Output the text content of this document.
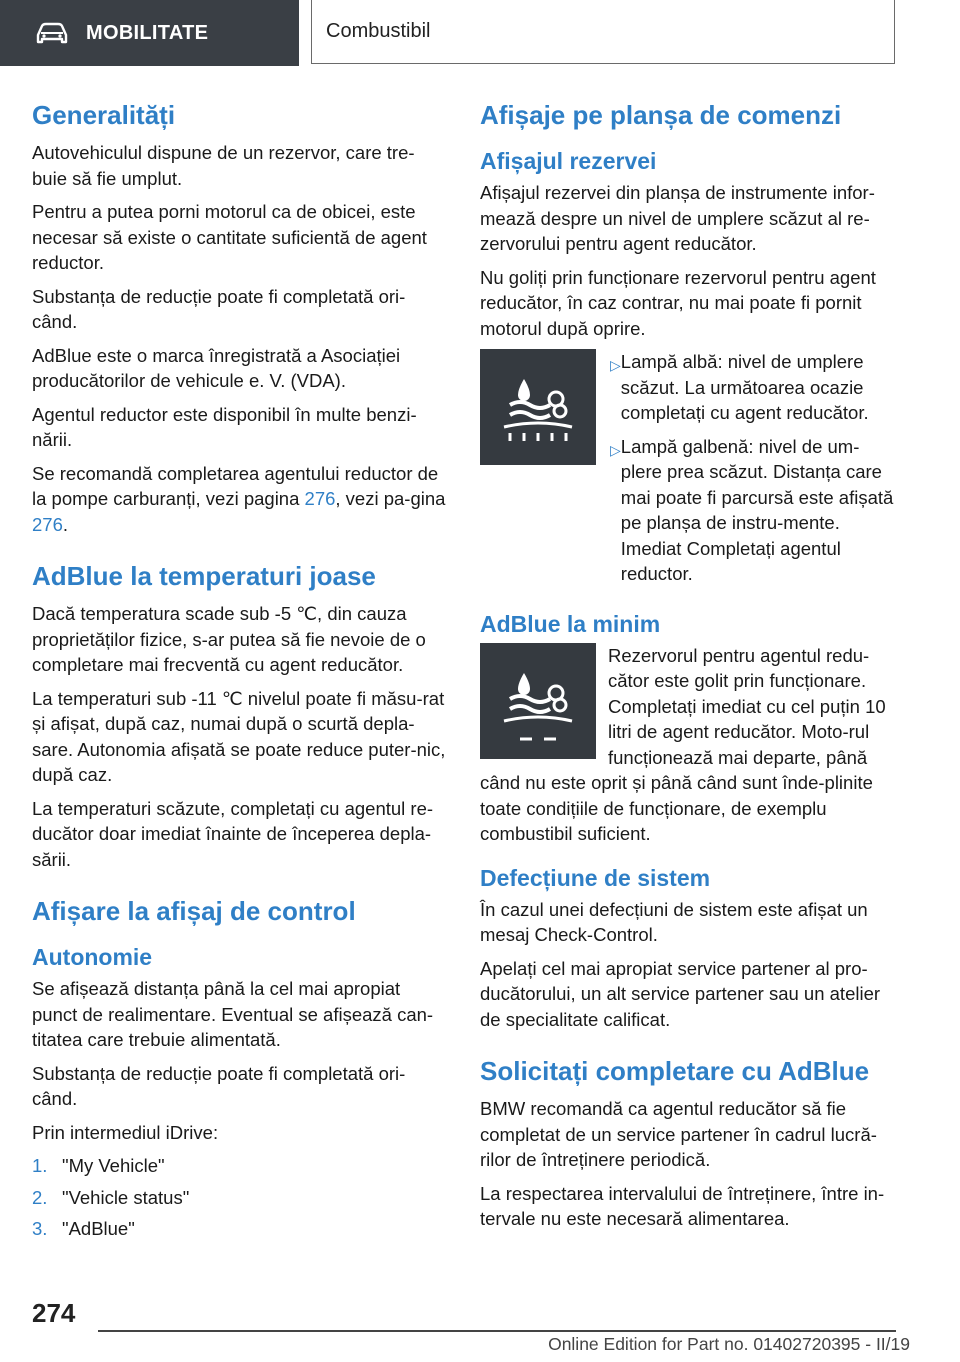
MOBILITATE	Combustibil
Generalități

Autovehiculul dispune de un rezervor, care tre-buie să fie umplut.

Pentru a putea porni motorul ca de obicei, este necesar să existe o cantitate suficientă de agent reductor.

Substanța de reducție poate fi completată ori-când.

AdBlue este o marca înregistrată a Asociației producătorilor de vehicule e. V. (VDA).

Agentul reductor este disponibil în multe benzi-nării.

Se recomandă completarea agentului reductor de la pompe carburanți, vezi pagina 276, vezi pa-gina 276.

AdBlue la temperaturi joase

Dacă temperatura scade sub -5 ℃, din cauza proprietăților fizice, s-ar putea să fie nevoie de o completare mai frecventă cu agent reducător.

La temperaturi sub -11 ℃ nivelul poate fi măsu-rat și afișat, după caz, numai după o scurtă depla-sare. Autonomia afișată se poate reduce puter-nic, după caz.

La temperaturi scăzute, completați cu agentul re-ducător doar imediat înainte de începerea depla-sării.

Afișare la afișaj de control
Autonomie

Se afișează distanța până la cel mai apropiat punct de realimentare. Eventual se afișează can-titatea care trebuie alimentată.

Substanța de reducție poate fi completată ori-când.

Prin intermediul iDrive:

1. "My Vehicle"
2. "Vehicle status"
3. "AdBlue"
Afișaje pe planșa de comenzi
Afișajul rezervei

Afișajul rezervei din planșa de instrumente infor-mează despre un nivel de umplere scăzut al re-zervorului pentru agent reducător.

Nu goliți prin funcționare rezervorul pentru agent reducător, în caz contrar, nu mai poate fi pornit motorul după oprire.

▷ Lampă albă: nivel de umplere scăzut. La următoarea ocazie completați cu agent reducător.
▷ Lampă galbenă: nivel de um-plere prea scăzut. Distanța care mai poate fi parcursă este afișată pe planșa de instru-mente. Imediat Completați agentul reductor.
AdBlue la minim

Rezervorul pentru agentul redu-cător este golit prin funcționare. Completați imediat cu cel puțin 10 litri de agent reducător. Moto-rul funcționează mai departe, până când nu este oprit și până când sunt înde-plinite toate condițiile de funcționare, de exemplu combustibil suficient.

Defecțiune de sistem

În cazul unei defecțiuni de sistem este afișat un mesaj Check-Control.

Apelați cel mai apropiat service partener al pro-ducătorului, un alt service partener sau un atelier de specialitate calificat.

Solicitați completare cu AdBlue

BMW recomandă ca agentul reducător să fie completat de un service partener în cadrul lucră-rilor de întreținere periodică.

La respectarea intervalului de întreținere, între in-tervale nu este necesară alimentarea.

274
Online Edition for Part no. 01402720395 - II/19
